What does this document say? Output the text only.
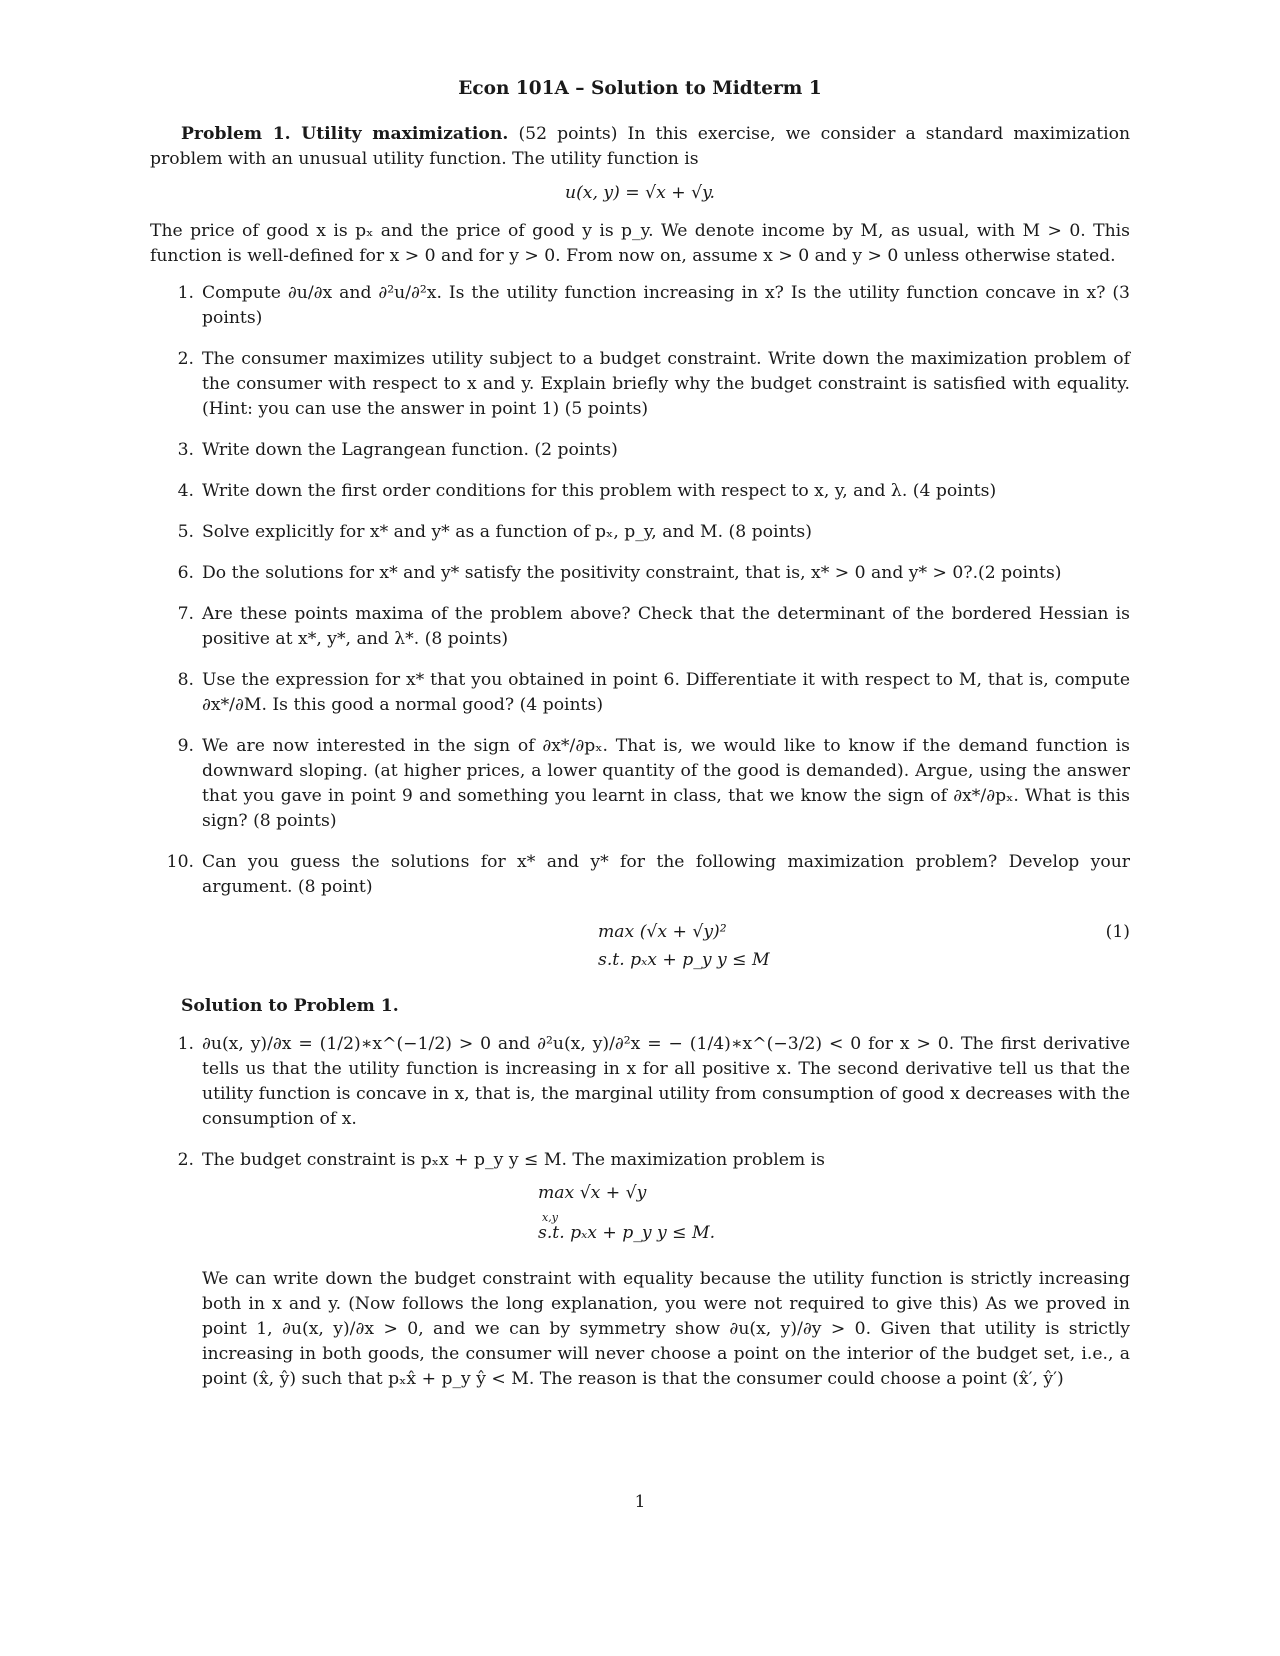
Econ 101A – Solution to Midterm 1

Problem 1. Utility maximization. (52 points) In this exercise, we consider a standard maximization problem with an unusual utility function. The utility function is

u(x, y) = √x + √y.

The price of good x is pₓ and the price of good y is p_y. We denote income by M, as usual, with M > 0. This function is well-defined for x > 0 and for y > 0. From now on, assume x > 0 and y > 0 unless otherwise stated.

1. Compute ∂u/∂x and ∂²u/∂²x. Is the utility function increasing in x? Is the utility function concave in x? (3 points)
2. The consumer maximizes utility subject to a budget constraint. Write down the maximization problem of the consumer with respect to x and y. Explain briefly why the budget constraint is satisfied with equality. (Hint: you can use the answer in point 1) (5 points)
3. Write down the Lagrangean function. (2 points)
4. Write down the first order conditions for this problem with respect to x, y, and λ. (4 points)
5. Solve explicitly for x* and y* as a function of pₓ, p_y, and M. (8 points)
6. Do the solutions for x* and y* satisfy the positivity constraint, that is, x* > 0 and y* > 0?.(2 points)
7. Are these points maxima of the problem above? Check that the determinant of the bordered Hessian is positive at x*, y*, and λ*. (8 points)
8. Use the expression for x* that you obtained in point 6. Differentiate it with respect to M, that is, compute ∂x*/∂M. Is this good a normal good? (4 points)
9. We are now interested in the sign of ∂x*/∂pₓ. That is, we would like to know if the demand function is downward sloping. (at higher prices, a lower quantity of the good is demanded). Argue, using the answer that you gave in point 9 and something you learnt in class, that we know the sign of ∂x*/∂pₓ. What is this sign? (8 points)
10. Can you guess the solutions for x* and y* for the following maximization problem? Develop your argument. (8 point)
max (√x + √y)²
s.t. pₓx + p_y y ≤ M
(1)
Solution to Problem 1.
1. ∂u(x, y)/∂x = (1/2)∗x^(−1/2) > 0 and ∂²u(x, y)/∂²x = − (1/4)∗x^(−3/2) < 0 for x > 0. The first derivative tells us that the utility function is increasing in x for all positive x. The second derivative tell us that the utility function is concave in x, that is, the marginal utility from consumption of good x decreases with the consumption of x.
2. The budget constraint is pₓx + p_y y ≤ M. The maximization problem is
max √x + √y
x,y
s.t. pₓx + p_y y ≤ M.

We can write down the budget constraint with equality because the utility function is strictly increasing both in x and y. (Now follows the long explanation, you were not required to give this) As we proved in point 1, ∂u(x, y)/∂x > 0, and we can by symmetry show ∂u(x, y)/∂y > 0. Given that utility is strictly increasing in both goods, the consumer will never choose a point on the interior of the budget set, i.e., a point (x̂, ŷ) such that pₓx̂ + p_y ŷ < M. The reason is that the consumer could choose a point (x̂′, ŷ′)

1
